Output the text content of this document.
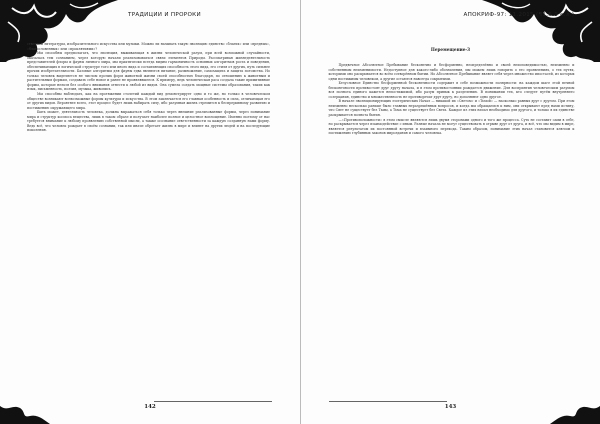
ТРАДИЦИИ И ПРОРОКИ

ственной литературы, изобразительного искусства или музыки. Можно ли называть такую эволюцию единство «благих» или «вредных», «благословенных» или «проклятиями»?

Мы способны предполагать, что эволюция, выживающая в жизни человеческой разум, при всей возможной случайности, оказалась тем сознанием, через которую начали реализовываться связи элементов Природы. Рассматривая жизнедеятельность представителей флоры и фауны личного мира, мы практически всегда видим гармоничность основных алгоритмов роста и поведения, обеспечивающих в логической структуре того или иного вида и составляющих способность этого вида, его стиля от других, путь сильнее прочих изобретательности. Базовые алгоритмы для фауны едва являются питание, размножение, самозащита и защита потомства. Но только человек выделяется не числом прочих форм животной жизни своей способностью благодаря, по отношению к животным и растительным формам, создавать себе новое и ранее не проявлявшееся. К примеру, ведь человеческая раса создала такие примитивные формы, которые нельзя без особого внимания отнести к любой из видов. Она сумела создать мощные системы образования, таких как язык, письменность, поэзия, музыка, живопись.

Мы способны наблюдать, как на протяжении столетий каждый вид демонстрирует одно и то же, но только в человеческом обществе возникают всевозможные формы культуры и искусства. В этом заключается его главная особенность и сила, отличающая его от других видов. Вероятнее всего, этот процесс будет лишь набирать силу, ибо разумная жизнь стремится к беспрерывному развитию и постижению окружающего мира.

Быть может, деятельность человека, должна выражаться себя только через внешние реализованные формы, через понимание мира и структур космоса вещества, лишь в таком образе и получает наиболее полное и целостное воплощение. Именно поэтому от нас требуется внимание к любому проявлению собственной мысли, а также осознание ответственности за каждую созданную нами форму. Ведь всё, что человек рождает в своём сознании, так или иначе обретает жизнь в мире и влияет на других людей и на последующие поколения.

142
АПОКРИФ-97: 11.2015 (¶1.5.1 е.л.)
Перемещение-3

Предвечное Абсолютное Пребывание бесконечно и бесформенно, неопределённо и своей неисповедимостью, неизменно и собственным неизменимости. Недоступное для какого-либо обозначения, мы можем лишь говорить о его проявлениях, о тех путях, которыми оно раскрывается во всём сотворённом бытии. Но Абсолютное Пребывание являет себя через множество ипостасей, из которых одни постижимы человеком, а другие остаются навсегда сокрытыми.

Безусловное Единство бесформенной бесконечности содержит в себе возможности полярности: на каждом шаге этой вечной бесконечности противостоят друг другу начала, и в этом противостоянии рождается движение. Для восприятия человеческим разумом вся полнота единого кажется непостижимой, ибо разум привык к разделению. В понимании тех, кто следует путём внутреннего созерцания, единство и множественность не противоречат друг другу, но дополняют одно другое.

В начале эволюционирующих эзотерических Начал — никакой их «Светом» и «Тьмой» — насколько равных друг с другом. При этом неизменно несколько раньше было главных неразрешённых вопросов, и когда мы обращаемся к ним, они открывают пред нами истину, что Свет не существует без Тьмы, а Тьма не существует без Света. Каждое из этих начал необходимо для другого, и только в их единстве раскрывается полнота бытия.

—«Противоположности» в этом смысле являются лишь двумя сторонами одного и того же процесса. Суть не составит сами в себе, но раскрывается через взаимодействие с иным. Разные начала не могут существовать в отрыве друг от друга, и всё, что мы видим в мире, является результатом их постоянной встречи и взаимного перехода. Таким образом, понимание этих начал становится ключом к постижению глубинных законов мироздания и самого человека.

143
